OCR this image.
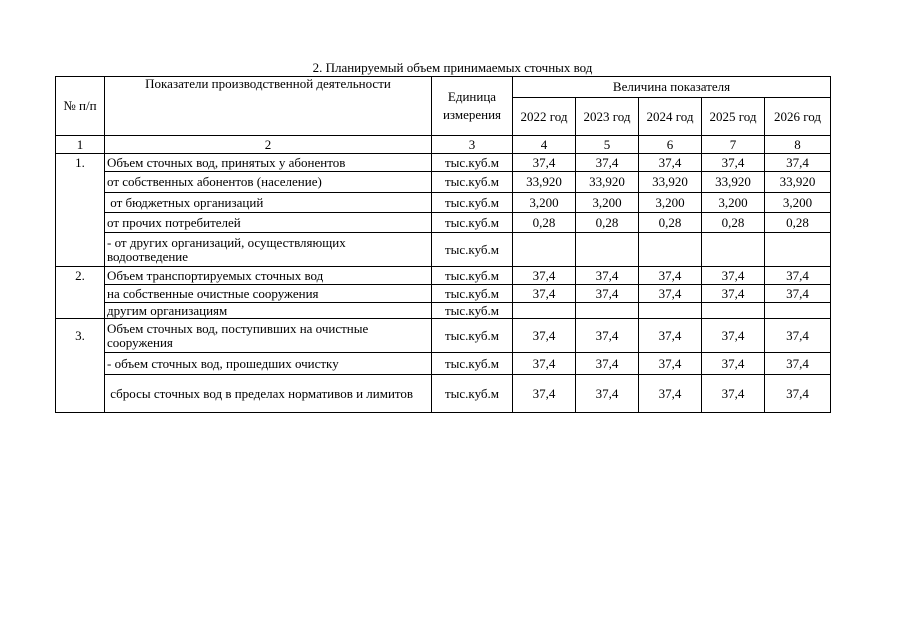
2. Планируемый объем принимаемых сточных вод
№ п/п	Показатели производственной деятельности	Единица измерения	Величина показателя				
			2022 год	2023 год	2024 год	2025 год	2026 год
1	2	3	4	5	6	7	8
1.	Объем сточных вод, принятых у абонентов	тыс.куб.м	37,4	37,4	37,4	37,4	37,4
	от собственных абонентов (население)	тыс.куб.м	33,920	33,920	33,920	33,920	33,920
	от бюджетных организаций	тыс.куб.м	3,200	3,200	3,200	3,200	3,200
	от прочих потребителей	тыс.куб.м	0,28	0,28	0,28	0,28	0,28
	- от других организаций, осуществляющих водоотведение	тыс.куб.м					
2.	Объем транспортируемых сточных вод	тыс.куб.м	37,4	37,4	37,4	37,4	37,4
	на собственные очистные сооружения	тыс.куб.м	37,4	37,4	37,4	37,4	37,4
	другим организациям	тыс.куб.м					
3.	Объем сточных вод, поступивших на очистные сооружения	тыс.куб.м	37,4	37,4	37,4	37,4	37,4
	- объем сточных вод, прошедших очистку	тыс.куб.м	37,4	37,4	37,4	37,4	37,4
	сбросы сточных вод в пределах нормативов и лимитов	тыс.куб.м	37,4	37,4	37,4	37,4	37,4
